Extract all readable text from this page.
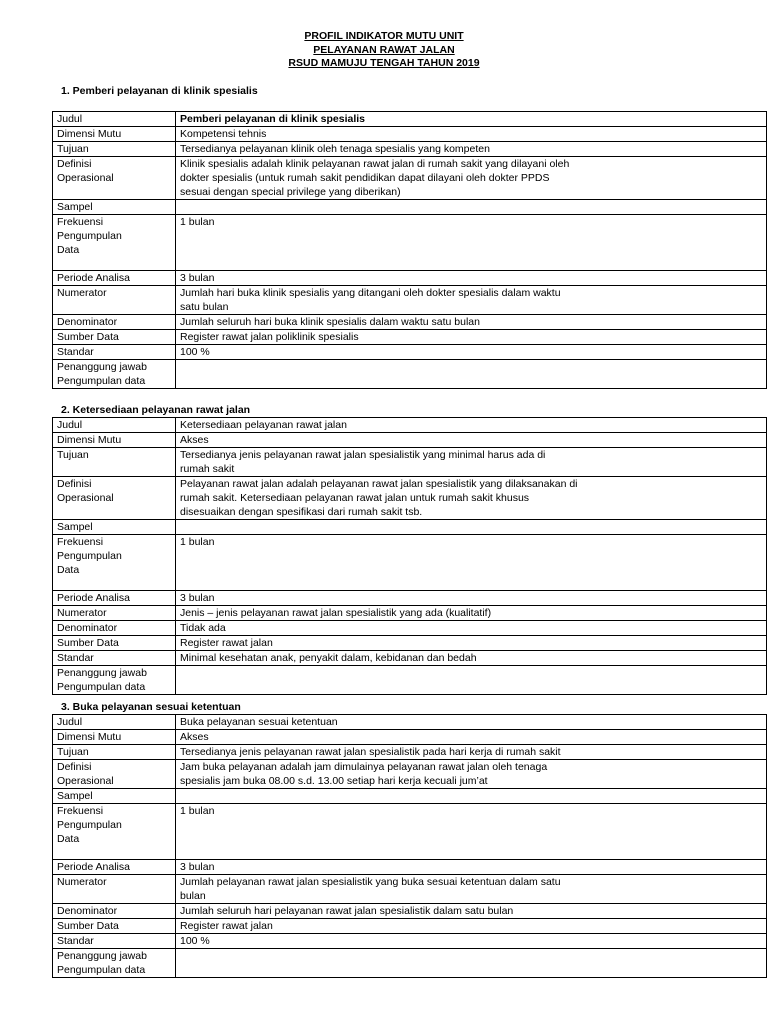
PROFIL INDIKATOR MUTU UNIT
PELAYANAN RAWAT JALAN
RSUD MAMUJU TENGAH TAHUN 2019
1. Pemberi pelayanan di klinik spesialis
Judul	Pemberi pelayanan di klinik spesialis
Dimensi Mutu	Kompetensi tehnis
Tujuan	Tersedianya pelayanan klinik oleh tenaga spesialis yang kompeten
Definisi
Operasional	Klinik spesialis adalah klinik pelayanan rawat jalan di rumah sakit yang dilayani oleh
dokter spesialis (untuk rumah sakit pendidikan dapat dilayani oleh dokter PPDS
sesuai dengan special privilege yang diberikan)
Sampel	
Frekuensi
Pengumpulan
Data	1 bulan
Periode Analisa	3 bulan
Numerator	Jumlah hari buka klinik spesialis yang ditangani oleh dokter spesialis dalam waktu
satu bulan
Denominator	Jumlah seluruh hari buka klinik spesialis dalam waktu satu bulan
Sumber Data	Register rawat jalan poliklinik spesialis
Standar	100 %
Penanggung jawab
Pengumpulan data	
2. Ketersediaan pelayanan rawat jalan
Judul	Ketersediaan pelayanan rawat jalan
Dimensi Mutu	Akses
Tujuan	Tersedianya jenis pelayanan rawat jalan spesialistik yang minimal harus ada di
rumah sakit
Definisi
Operasional	Pelayanan rawat jalan adalah pelayanan rawat jalan spesialistik yang dilaksanakan di
rumah sakit. Ketersediaan pelayanan rawat jalan untuk rumah sakit khusus
disesuaikan dengan spesifikasi dari rumah sakit tsb.
Sampel	
Frekuensi
Pengumpulan
Data	1 bulan
Periode Analisa	3 bulan
Numerator	Jenis – jenis pelayanan rawat jalan spesialistik yang ada (kualitatif)
Denominator	Tidak ada
Sumber Data	Register rawat jalan
Standar	Minimal kesehatan anak, penyakit dalam, kebidanan dan bedah
Penanggung jawab
Pengumpulan data	
3. Buka pelayanan sesuai ketentuan
Judul	Buka pelayanan sesuai ketentuan
Dimensi Mutu	Akses
Tujuan	Tersedianya jenis pelayanan rawat jalan spesialistik pada hari kerja di rumah sakit
Definisi
Operasional	Jam buka pelayanan adalah jam dimulainya pelayanan rawat jalan oleh tenaga
spesialis jam buka 08.00 s.d. 13.00 setiap hari kerja kecuali jum’at
Sampel	
Frekuensi
Pengumpulan
Data	1 bulan
Periode Analisa	3 bulan
Numerator	Jumlah pelayanan rawat jalan spesialistik yang buka sesuai ketentuan dalam satu
bulan
Denominator	Jumlah seluruh hari pelayanan rawat jalan spesialistik dalam satu bulan
Sumber Data	Register rawat jalan
Standar	100 %
Penanggung jawab
Pengumpulan data	
